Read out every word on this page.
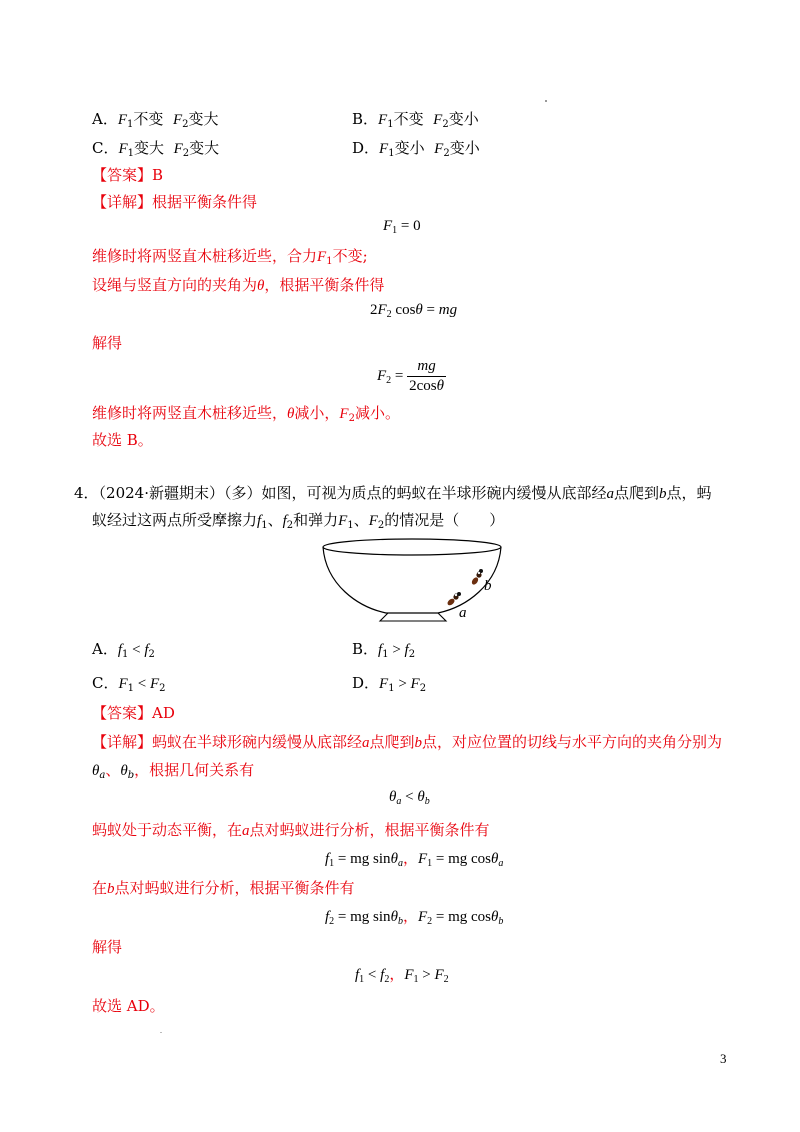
A．$F_1$不变 $F_2$变大	B．$F_1$不变 $F_2$变小
C．$F_1$变大 $F_2$变大	D．$F_1$变小 $F_2$变小
【答案】B
【详解】根据平衡条件得
$F_1 = 0$
维修时将两竖直木桩移近些，合力$F_1$不变;
设绳与竖直方向的夹角为θ，根据平衡条件得
$2F_2$ cosθ = mg
解得
$F_2 = \frac{mg}{2\cos\theta}$
维修时将两竖直木桩移近些，θ减小，$F_2$减小。
故选 B。
4．（2024·新疆期末）（多）如图，可视为质点的蚂蚁在半球形碗内缓慢从底部经a点爬到b点，蚂
蚁经过这两点所受摩擦力$f_1$、$f_2$和弹力$F_1$、$F_2$的情况是（　　）
a
b
A．$f_1 < f_2$	B．$f_1 > f_2$
C．$F_1 < F_2$	D．$F_1 > F_2$
【答案】AD
【详解】蚂蚁在半球形碗内缓慢从底部经a点爬到b点，对应位置的切线与水平方向的夹角分别为
$\theta_a$、$\theta_b$，根据几何关系有
$\theta_a < \theta_b$
蚂蚁处于动态平衡，在a点对蚂蚁进行分析，根据平衡条件有
$f_1$ = mg sinθ$_a$，$F_1$ = mg cosθ$_a$
在b点对蚂蚁进行分析，根据平衡条件有
$f_2$ = mg sinθ$_b$，$F_2$ = mg cosθ$_b$
解得
$f_1 < f_2$，$F_1 > F_2$
故选 AD。
3
